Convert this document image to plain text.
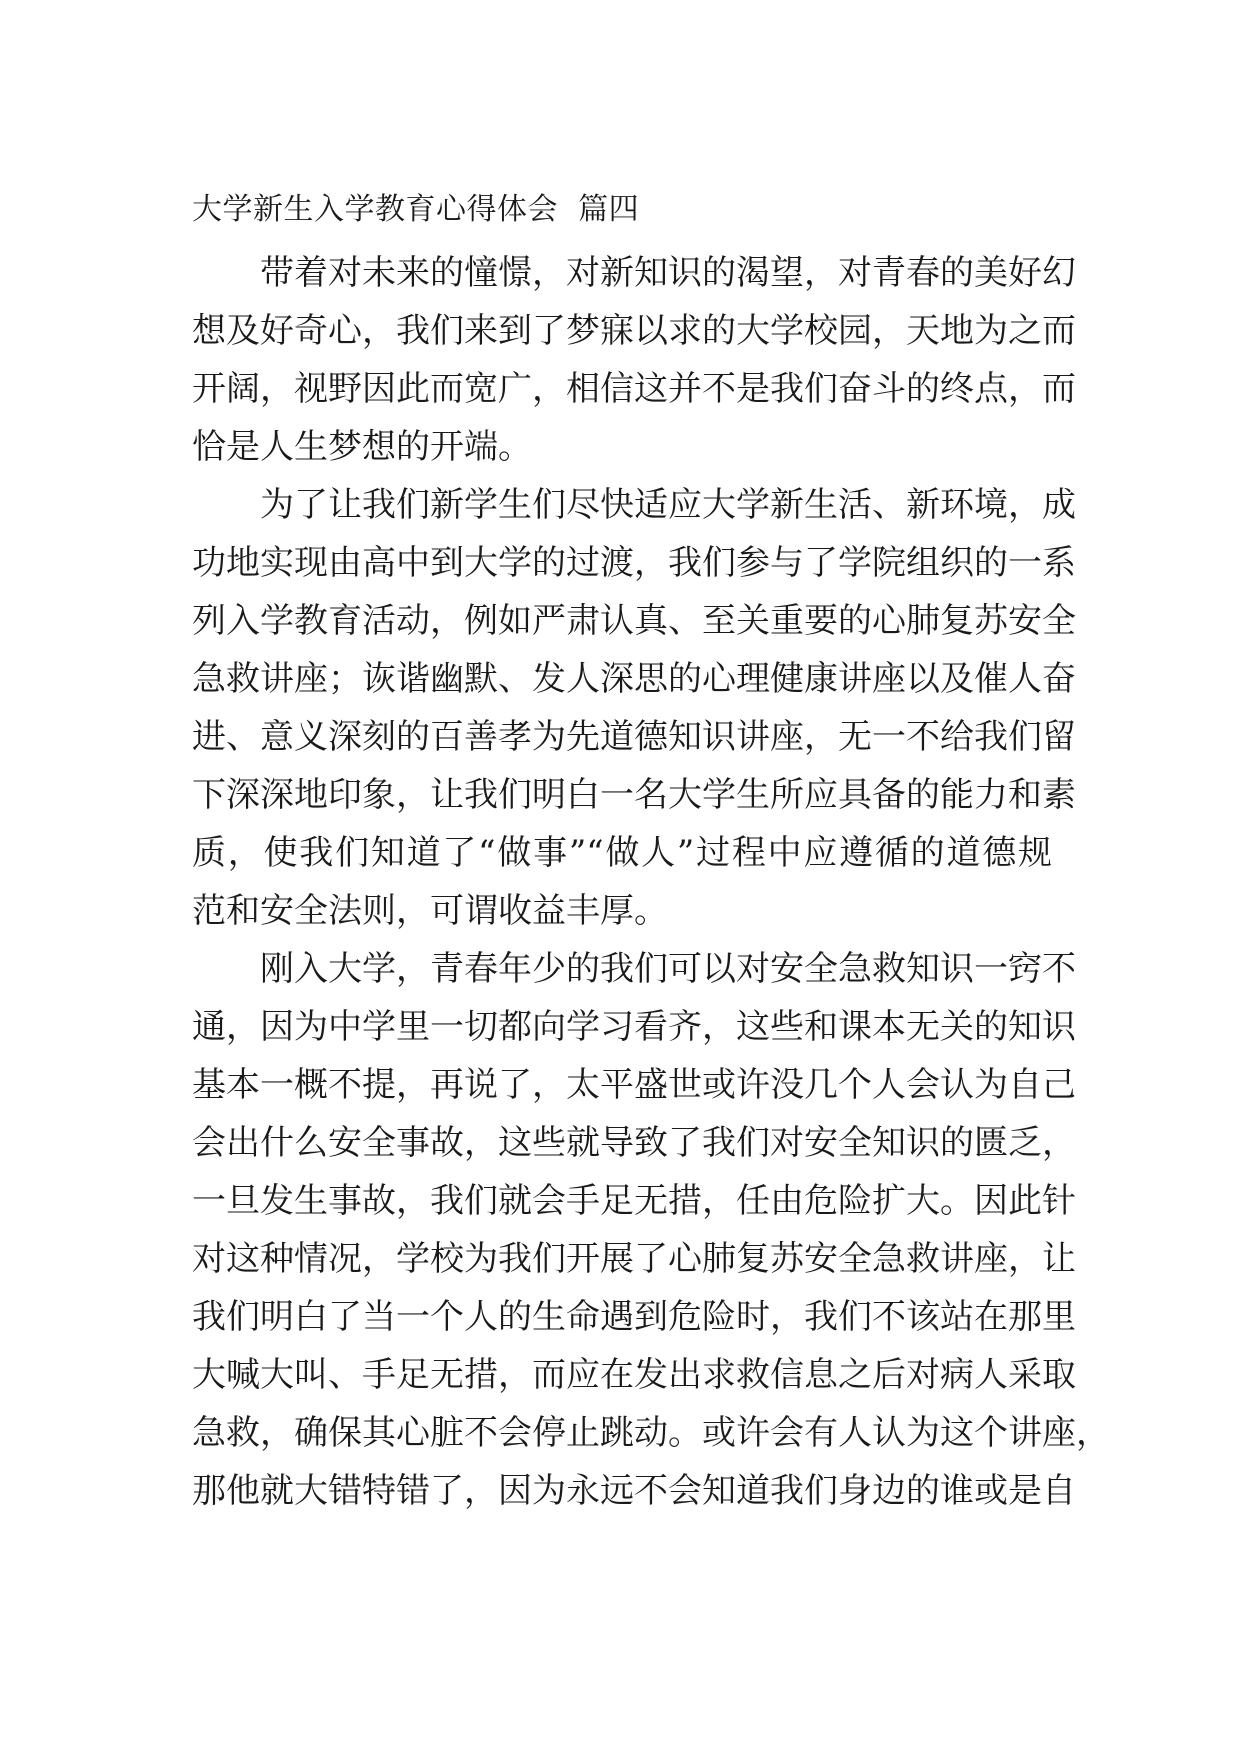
大学新生入学教育心得体会  篇四
带着对未来的憧憬，对新知识的渴望，对青春的美好幻
想及好奇心，我们来到了梦寐以求的大学校园，天地为之而
开阔，视野因此而宽广，相信这并不是我们奋斗的终点，而
恰是人生梦想的开端。
为了让我们新学生们尽快适应大学新生活、新环境，成
功地实现由高中到大学的过渡，我们参与了学院组织的一系
列入学教育活动，例如严肃认真、至关重要的心肺复苏安全
急救讲座；诙谐幽默、发人深思的心理健康讲座以及催人奋
进、意义深刻的百善孝为先道德知识讲座，无一不给我们留
下深深地印象，让我们明白一名大学生所应具备的能力和素
质，使我们知道了“做事”“做人”过程中应遵循的道德规
范和安全法则，可谓收益丰厚。
刚入大学，青春年少的我们可以对安全急救知识一窍不
通，因为中学里一切都向学习看齐，这些和课本无关的知识
基本一概不提，再说了，太平盛世或许没几个人会认为自己
会出什么安全事故，这些就导致了我们对安全知识的匮乏，
一旦发生事故，我们就会手足无措，任由危险扩大。因此针
对这种情况，学校为我们开展了心肺复苏安全急救讲座，让
我们明白了当一个人的生命遇到危险时，我们不该站在那里
大喊大叫、手足无措，而应在发出求救信息之后对病人采取
急救，确保其心脏不会停止跳动。或许会有人认为这个讲座，
那他就大错特错了，因为永远不会知道我们身边的谁或是自
